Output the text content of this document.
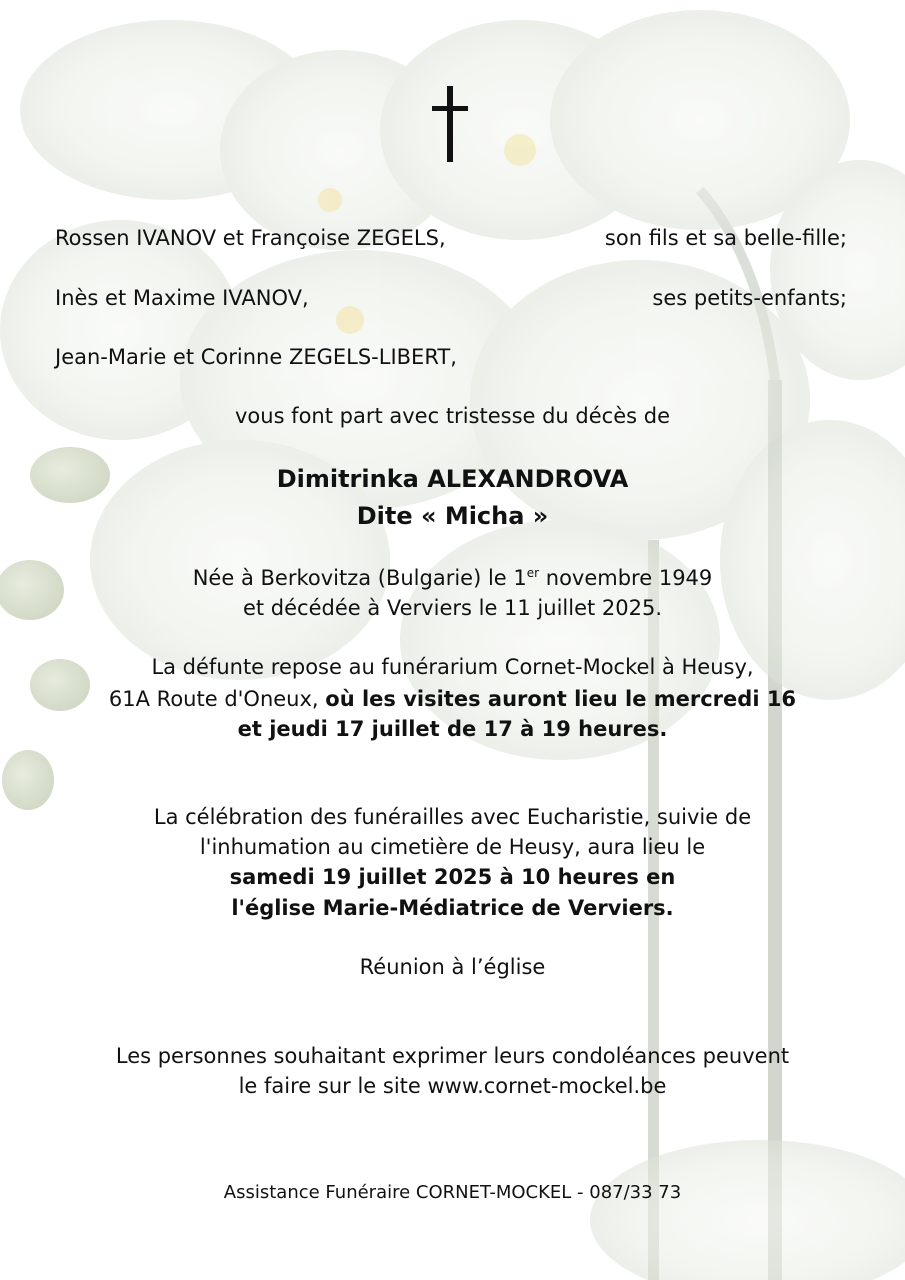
Rossen IVANOV et Françoise ZEGELS,	son fils et sa belle-fille;
Inès et Maxime IVANOV,	ses petits-enfants;
Jean-Marie et Corinne ZEGELS-LIBERT,
vous font part avec tristesse du décès de
Dimitrinka ALEXANDROVA
Dite « Micha »
Née à Berkovitza (Bulgarie) le 1er novembre 1949
et décédée à Verviers le 11 juillet 2025.
La défunte repose au funérarium Cornet-Mockel à Heusy,
61A Route d'Oneux, où les visites auront lieu le mercredi 16
et jeudi 17 juillet de 17 à 19 heures.
La célébration des funérailles avec Eucharistie, suivie de
l'inhumation au cimetière de Heusy, aura lieu le
samedi 19 juillet 2025 à 10 heures en
l'église Marie-Médiatrice de Verviers.
Réunion à l’église
Les personnes souhaitant exprimer leurs condoléances peuvent
le faire sur le site www.cornet-mockel.be
Assistance Funéraire CORNET-MOCKEL - 087/33 73
